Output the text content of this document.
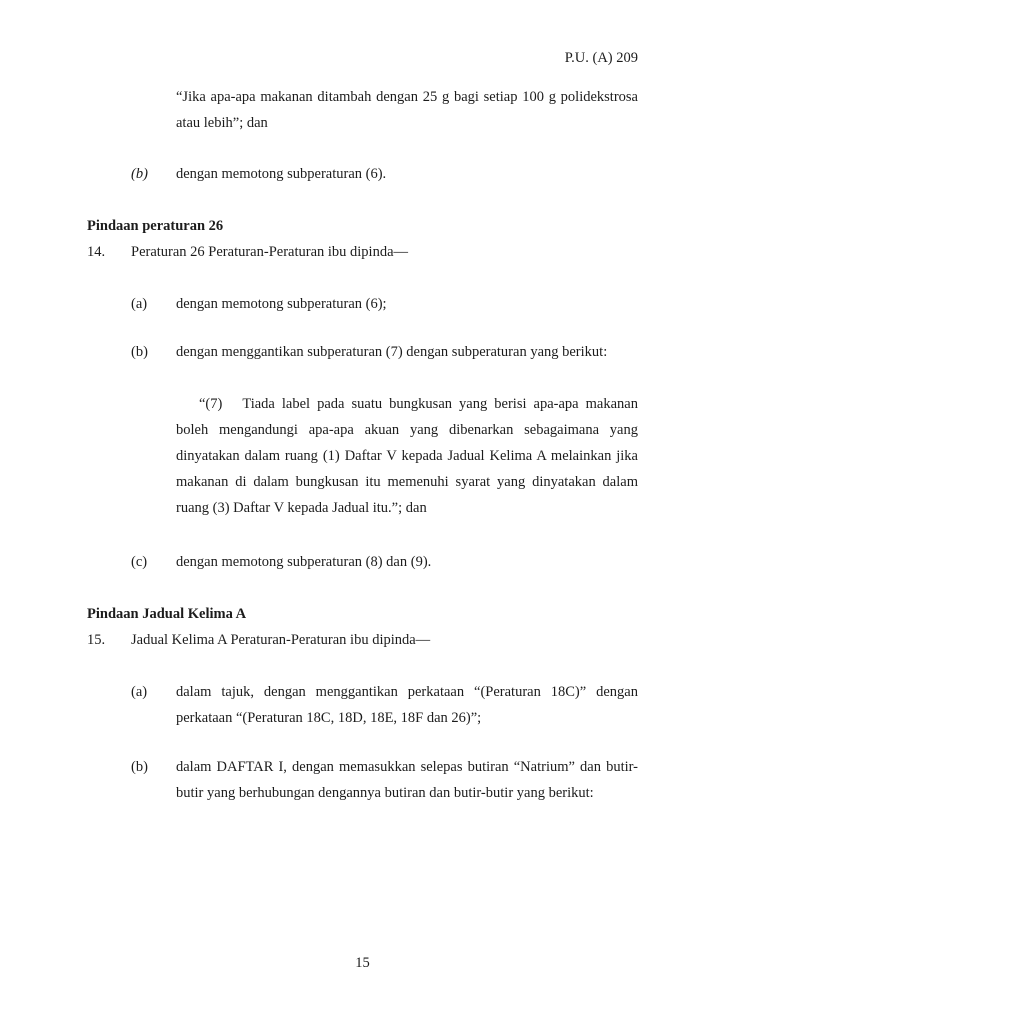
P.U. (A) 209

“Jika apa-apa makanan ditambah dengan 25 g bagi setiap 100 g polidekstrosa atau lebih”; dan

(b) dengan memotong subperaturan (6).
Pindaan peraturan 26
14. Peraturan 26 Peraturan-Peraturan ibu dipinda—
(a) dengan memotong subperaturan (6);
(b) dengan menggantikan subperaturan (7) dengan subperaturan yang berikut:

“(7) Tiada label pada suatu bungkusan yang berisi apa-apa makanan boleh mengandungi apa-apa akuan yang dibenarkan sebagaimana yang dinyatakan dalam ruang (1) Daftar V kepada Jadual Kelima A melainkan jika makanan di dalam bungkusan itu memenuhi syarat yang dinyatakan dalam ruang (3) Daftar V kepada Jadual itu.”; dan

(c) dengan memotong subperaturan (8) dan (9).
Pindaan Jadual Kelima A
15. Jadual Kelima A Peraturan-Peraturan ibu dipinda—
(a) dalam tajuk, dengan menggantikan perkataan “(Peraturan 18C)” dengan perkataan “(Peraturan 18C, 18D, 18E, 18F dan 26)”;
(b) dalam DAFTAR I, dengan memasukkan selepas butiran “Natrium” dan butir-butir yang berhubungan dengannya butiran dan butir-butir yang berikut:
15
